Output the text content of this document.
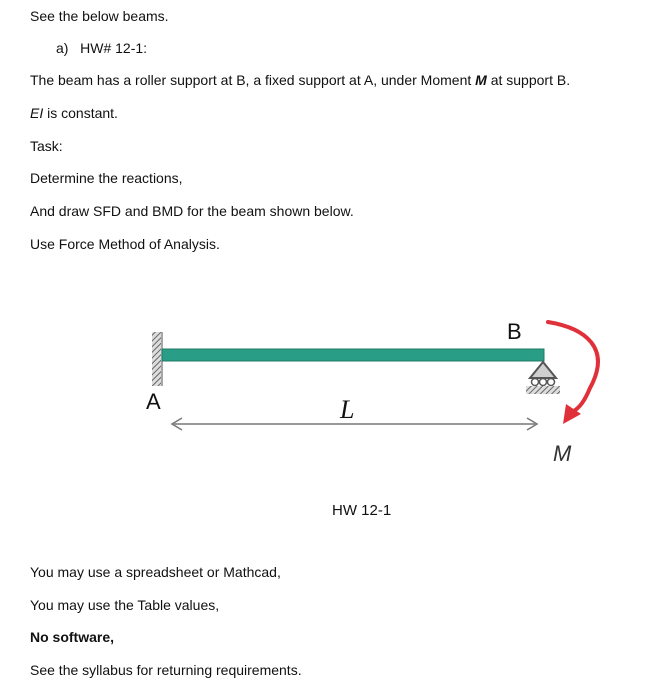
See the below beams.
a) HW# 12-1:
The beam has a roller support at B, a fixed support at A, under Moment M at support B.
EI is constant.
Task:
Determine the reactions,
And draw SFD and BMD for the beam shown below.
Use Force Method of Analysis.
A
B
L
M
HW 12-1
You may use a spreadsheet or Mathcad,
You may use the Table values,
No software,
See the syllabus for returning requirements.
